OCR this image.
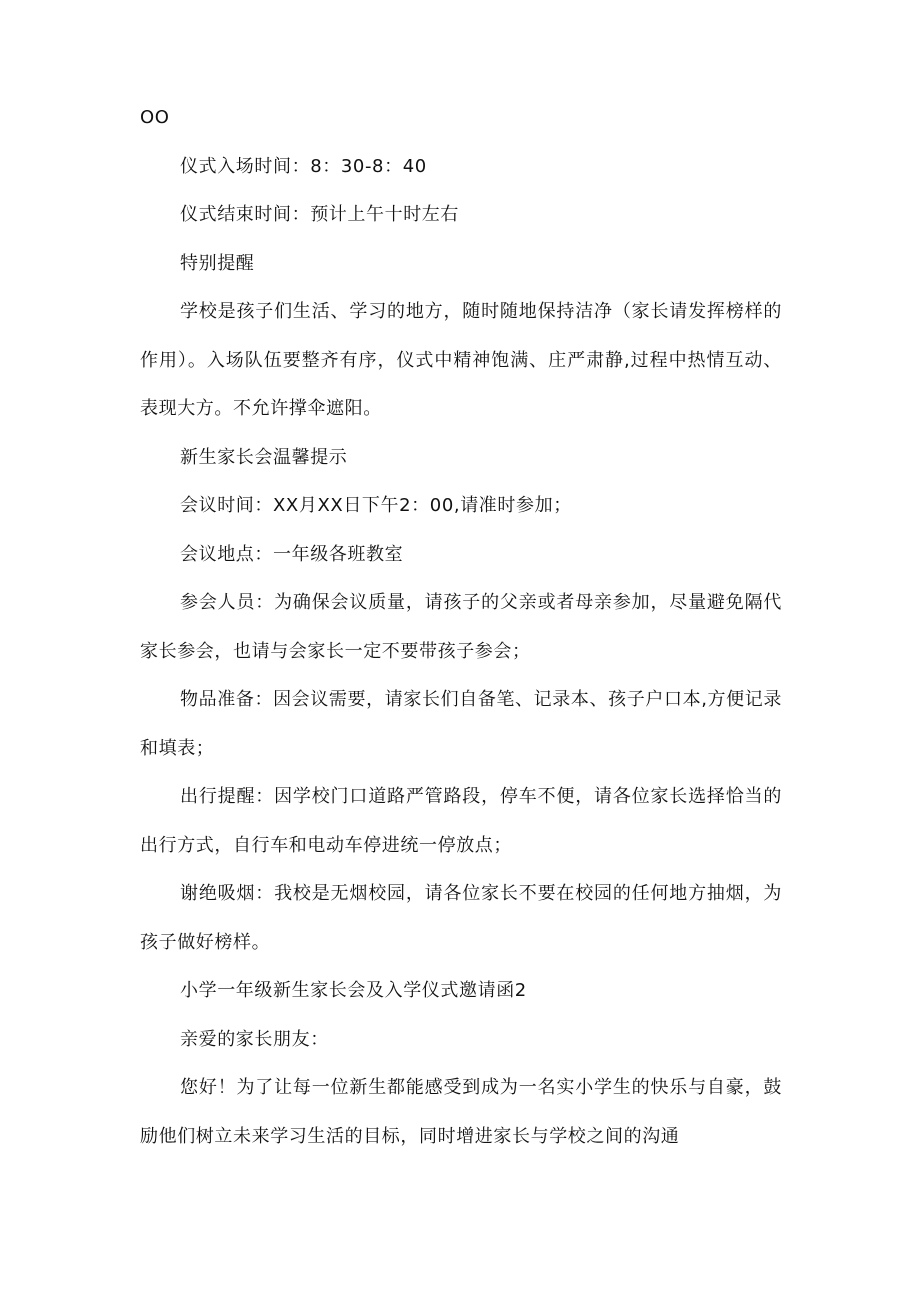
OO

仪式入场时间：8：30-8：40

仪式结束时间：预计上午十时左右

特别提醒

学校是孩子们生活、学习的地方，随时随地保持洁净（家长请发挥榜样的作用）。入场队伍要整齐有序，仪式中精神饱满、庄严肃静,过程中热情互动、表现大方。不允许撑伞遮阳。

新生家长会温馨提示

会议时间：XX月XX日下午2：00,请准时参加；

会议地点：一年级各班教室

参会人员：为确保会议质量，请孩子的父亲或者母亲参加，尽量避免隔代家长参会，也请与会家长一定不要带孩子参会；

物品准备：因会议需要，请家长们自备笔、记录本、孩子户口本,方便记录和填表；

出行提醒：因学校门口道路严管路段，停车不便，请各位家长选择恰当的出行方式，自行车和电动车停进统一停放点；

谢绝吸烟：我校是无烟校园，请各位家长不要在校园的任何地方抽烟，为孩子做好榜样。

小学一年级新生家长会及入学仪式邀请函2

亲爱的家长朋友：

您好！为了让每一位新生都能感受到成为一名实小学生的快乐与自豪，鼓励他们树立未来学习生活的目标，同时增进家长与学校之间的沟通
